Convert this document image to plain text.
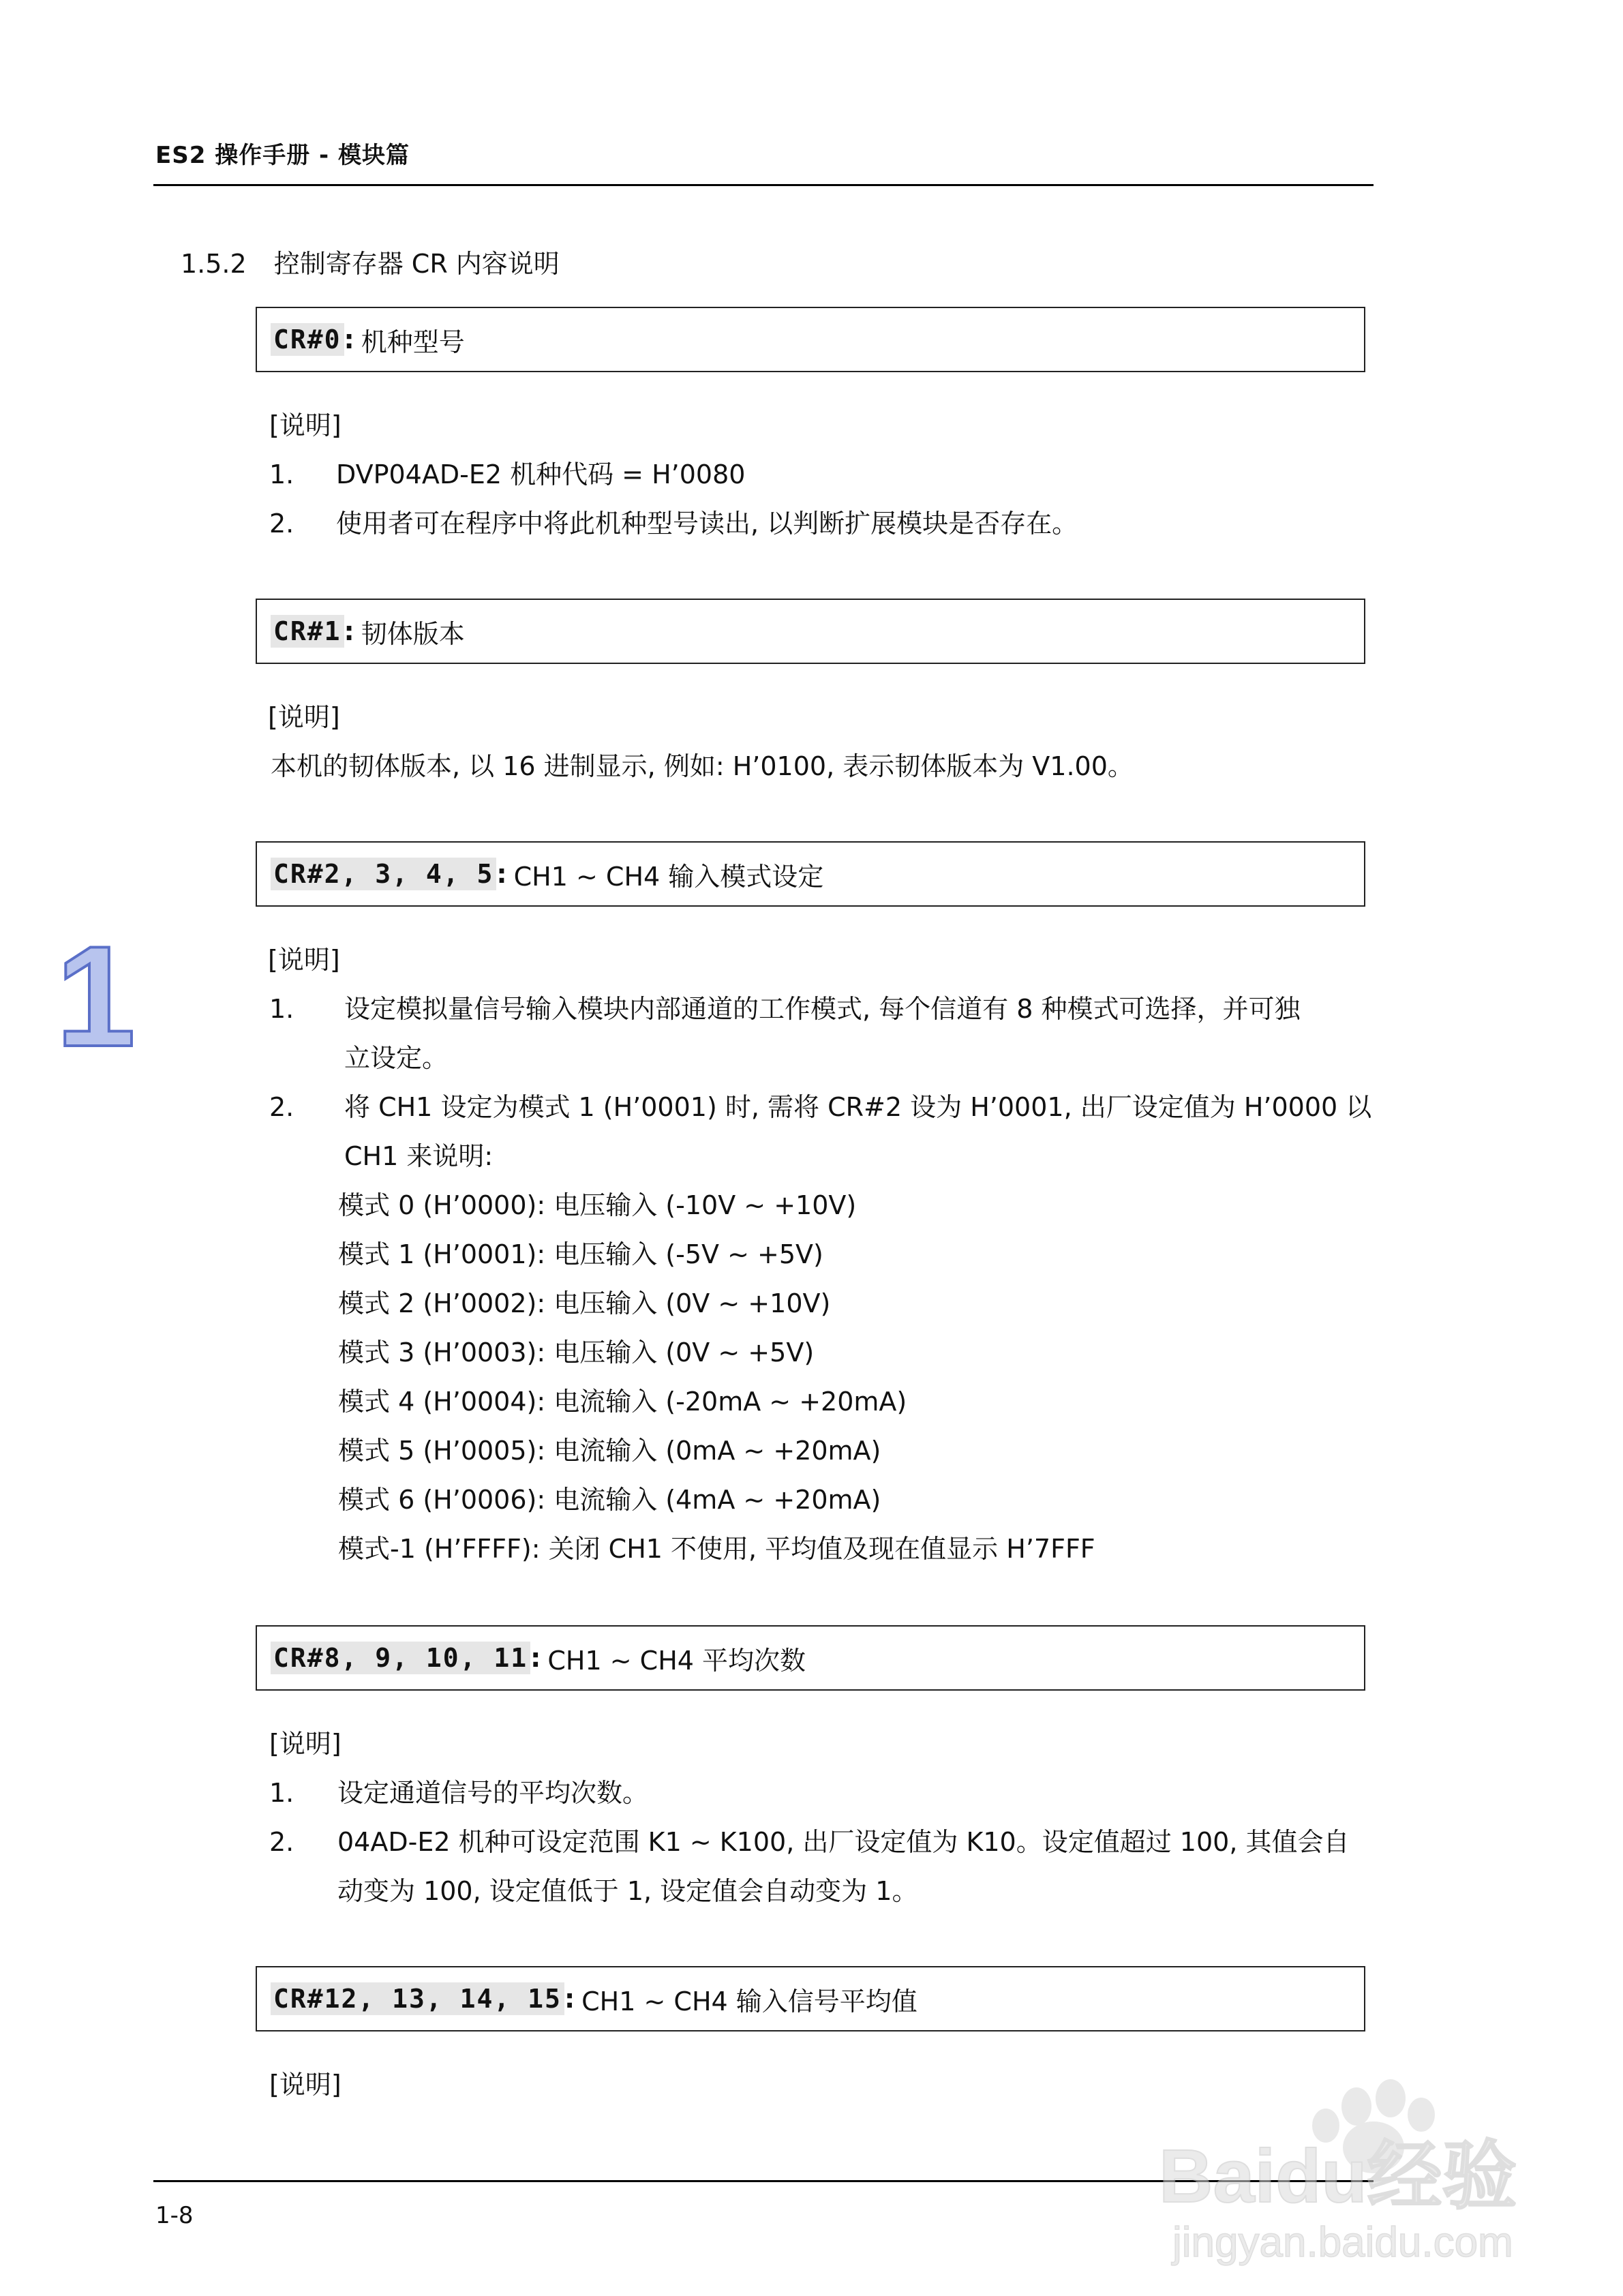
ES2 操作手册 - 模块篇
1.5.2 控制寄存器 CR 内容说明
1
CR#0 : 机种型号
[说明]
1. DVP04AD-E2 机种代码 = H’0080
2. 使用者可在程序中将此机种型号读出, 以判断扩展模块是否存在。
CR#1 : 韧体版本
[说明]
本机的韧体版本, 以 16 进制显示, 例如: H’0100, 表示韧体版本为 V1.00。
CR#2, 3, 4, 5 : CH1 ~ CH4 输入模式设定
[说明]
1. 设定模拟量信号输入模块内部通道的工作模式, 每个信道有 8 种模式可选择，并可独
立设定。
2. 将 CH1 设定为模式 1 (H’0001) 时, 需将 CR#2 设为 H’0001, 出厂设定值为 H’0000 以
CH1 来说明:
模式 0 (H’0000): 电压输入 (-10V ~ +10V)
模式 1 (H’0001): 电压输入 (-5V ~ +5V)
模式 2 (H’0002): 电压输入 (0V ~ +10V)
模式 3 (H’0003): 电压输入 (0V ~ +5V)
模式 4 (H’0004): 电流输入 (-20mA ~ +20mA)
模式 5 (H’0005): 电流输入 (0mA ~ +20mA)
模式 6 (H’0006): 电流输入 (4mA ~ +20mA)
模式-1 (H’FFFF): 关闭 CH1 不使用, 平均值及现在值显示 H’7FFF
CR#8, 9, 10, 11 : CH1 ~ CH4 平均次数
[说明]
1. 设定通道信号的平均次数。
2. 04AD-E2 机种可设定范围 K1 ~ K100, 出厂设定值为 K10。设定值超过 100, 其值会自
动变为 100, 设定值低于 1, 设定值会自动变为 1。
CR#12, 13, 14, 15 : CH1 ~ CH4 输入信号平均值
[说明]
1-8	Baidu经验
jingyan.baidu.com
